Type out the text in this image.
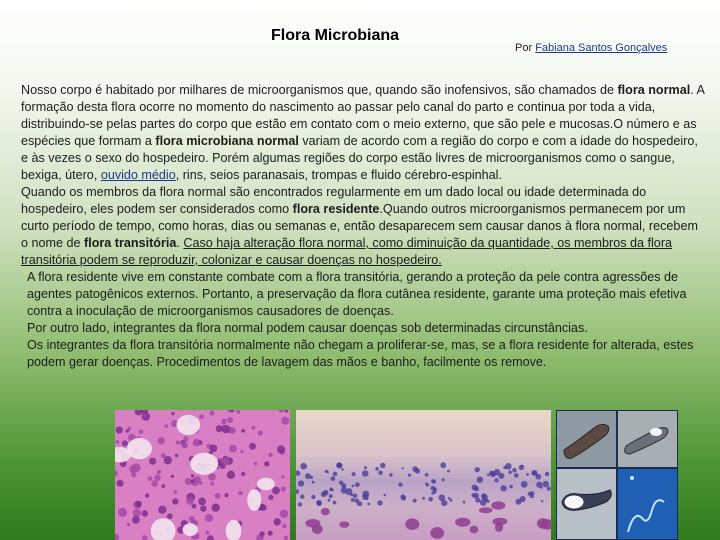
Flora Microbiana
Por Fabiana Santos Gonçalves

Nosso corpo é habitado por milhares de microorganismos que, quando são inofensivos, são chamados de flora normal. A formação desta flora ocorre no momento do nascimento ao passar pelo canal do parto e continua por toda a vida, distribuindo-se pelas partes do corpo que estão em contato com o meio externo, que são pele e mucosas.O número e as espécies que formam a flora microbiana normal variam de acordo com a região do corpo e com a idade do hospedeiro, e às vezes o sexo do hospedeiro. Porém algumas regiões do corpo estão livres de microorganismos como o sangue, bexiga, útero, ouvido médio, rins, seios paranasais, trompas e fluido cérebro-espinhal.

Quando os membros da flora normal são encontrados regularmente em um dado local ou idade determinada do hospedeiro, eles podem ser considerados como flora residente.Quando outros microorganismos permanecem por um curto período de tempo, como horas, dias ou semanas e, então desaparecem sem causar danos à flora normal, recebem o nome de flora transitória. Caso haja alteração flora normal, como diminuição da quantidade, os membros da flora transitória podem se reproduzir, colonizar e causar doenças no hospedeiro.

A flora residente vive em constante combate com a flora transitória, gerando a proteção da pele contra agressões de agentes patogênicos externos. Portanto, a preservação da flora cutânea residente, garante uma proteção mais efetiva contra a inoculação de microorganismos causadores de doenças.

Por outro lado, integrantes da flora normal podem causar doenças sob determinadas circunstâncias.

Os integrantes da flora transitória normalmente não chegam a proliferar-se, mas, se a flora residente for alterada, estes podem gerar doenças. Procedimentos de lavagem das mãos e banho, facilmente os remove.
